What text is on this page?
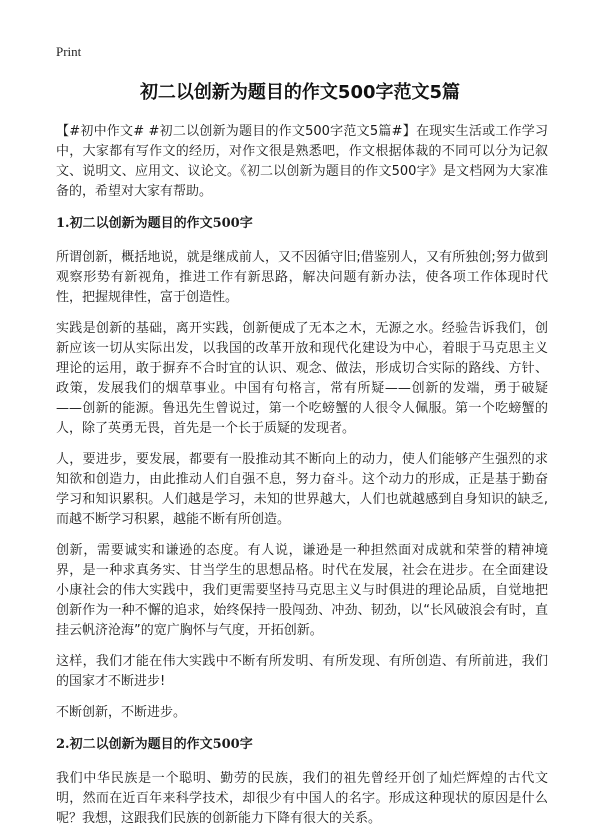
Print
初二以创新为题目的作文500字范文5篇

【#初中作文# #初二以创新为题目的作文500字范文5篇#】在现实生活或工作学习中，大家都有写作文的经历，对作文很是熟悉吧，作文根据体裁的不同可以分为记叙文、说明文、应用文、议论文。《初二以创新为题目的作文500字》是文档网为大家准备的，希望对大家有帮助。

1.初二以创新为题目的作文500字

所谓创新，概括地说，就是继成前人，又不因循守旧;借鉴别人，又有所独创;努力做到观察形势有新视角，推进工作有新思路，解决问题有新办法，使各项工作体现时代性，把握规律性，富于创造性。

实践是创新的基础，离开实践，创新便成了无本之木，无源之水。经验告诉我们，创新应该一切从实际出发，以我国的改革开放和现代化建设为中心，着眼于马克思主义理论的运用，敢于摒弃不合时宜的认识、观念、做法，形成切合实际的路线、方针、政策，发展我们的烟草事业。中国有句格言，常有所疑——创新的发端，勇于破疑——创新的能源。鲁迅先生曾说过，第一个吃螃蟹的人很令人佩服。第一个吃螃蟹的人，除了英勇无畏，首先是一个长于质疑的发现者。

人，要进步，要发展，都要有一股推动其不断向上的动力，使人们能够产生强烈的求知欲和创造力，由此推动人们自强不息，努力奋斗。这个动力的形成，正是基于勤奋学习和知识累积。人们越是学习，未知的世界越大，人们也就越感到自身知识的缺乏,而越不断学习积累，越能不断有所创造。

创新，需要诚实和谦逊的态度。有人说，谦逊是一种担然面对成就和荣誉的精神境界，是一种求真务实、甘当学生的思想品格。时代在发展，社会在进步。在全面建设小康社会的伟大实践中，我们更需要坚持马克思主义与时俱进的理论品质，自觉地把创新作为一种不懈的追求，始终保持一股闯劲、冲劲、韧劲，以“长风破浪会有时，直挂云帆济沧海”的宽广胸怀与气度，开拓创新。

这样，我们才能在伟大实践中不断有所发明、有所发现、有所创造、有所前进，我们的国家才不断进步!

不断创新，不断进步。

2.初二以创新为题目的作文500字

我们中华民族是一个聪明、勤劳的民族，我们的祖先曾经开创了灿烂辉煌的古代文明，然而在近百年来科学技术，却很少有中国人的名字。形成这种现状的原因是什么呢？我想，这跟我们民族的创新能力下降有很大的关系。
